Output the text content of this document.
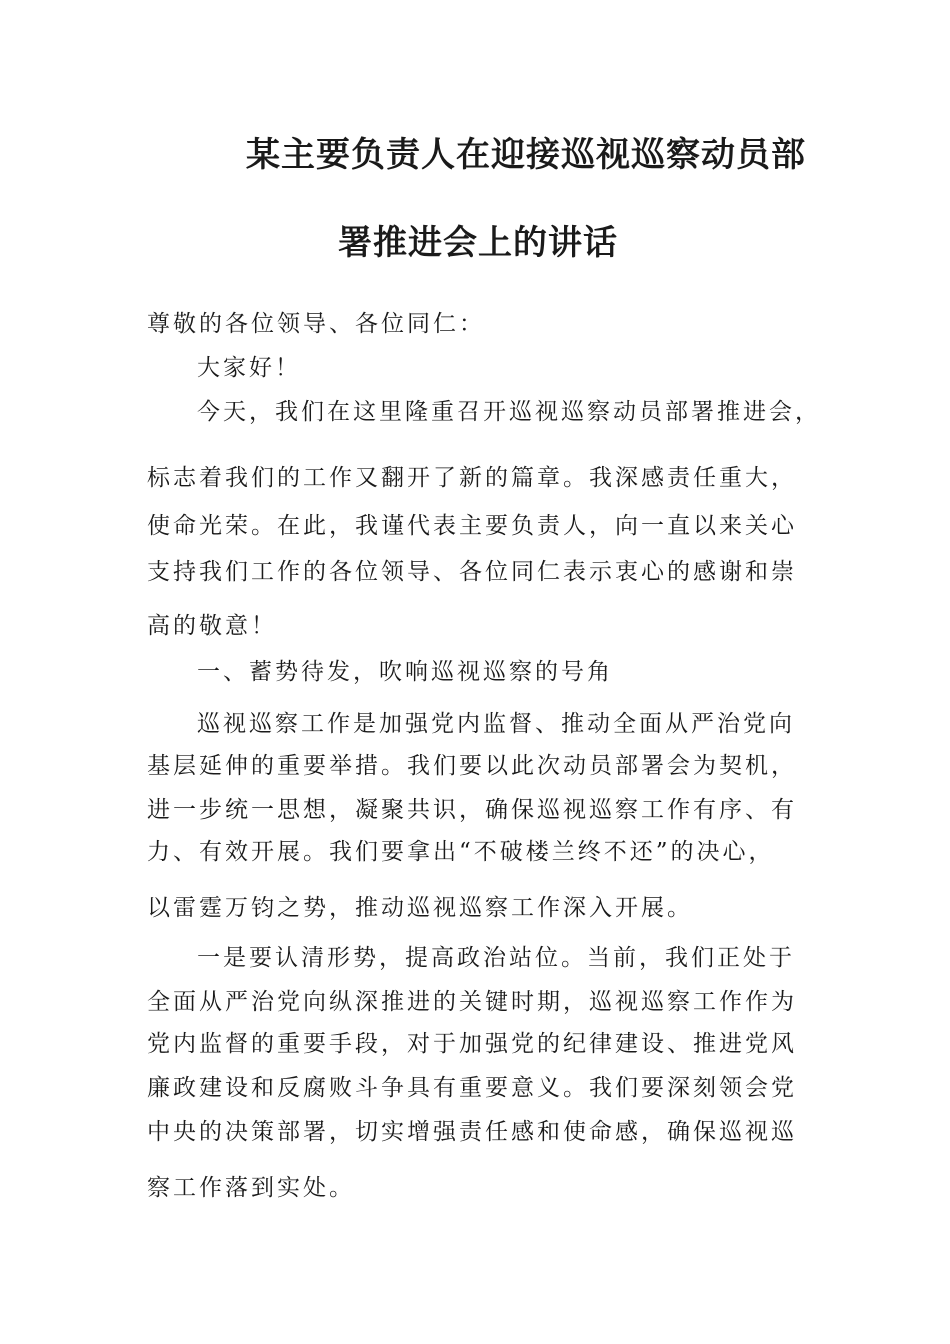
某主要负责人在迎接巡视巡察动员部
署推进会上的讲话
尊敬的各位领导、各位同仁：
大家好！
今天，我们在这里隆重召开巡视巡察动员部署推进会，
标志着我们的工作又翻开了新的篇章。我深感责任重大，
使命光荣。在此，我谨代表主要负责人，向一直以来关心
支持我们工作的各位领导、各位同仁表示衷心的感谢和崇
高的敬意！
一、蓄势待发，吹响巡视巡察的号角
巡视巡察工作是加强党内监督、推动全面从严治党向
基层延伸的重要举措。我们要以此次动员部署会为契机，
进一步统一思想，凝聚共识，确保巡视巡察工作有序、有
力、有效开展。我们要拿出“不破楼兰终不还”的决心，
以雷霆万钧之势，推动巡视巡察工作深入开展。
一是要认清形势，提高政治站位。当前，我们正处于
全面从严治党向纵深推进的关键时期，巡视巡察工作作为
党内监督的重要手段，对于加强党的纪律建设、推进党风
廉政建设和反腐败斗争具有重要意义。我们要深刻领会党
中央的决策部署，切实增强责任感和使命感，确保巡视巡
察工作落到实处。
